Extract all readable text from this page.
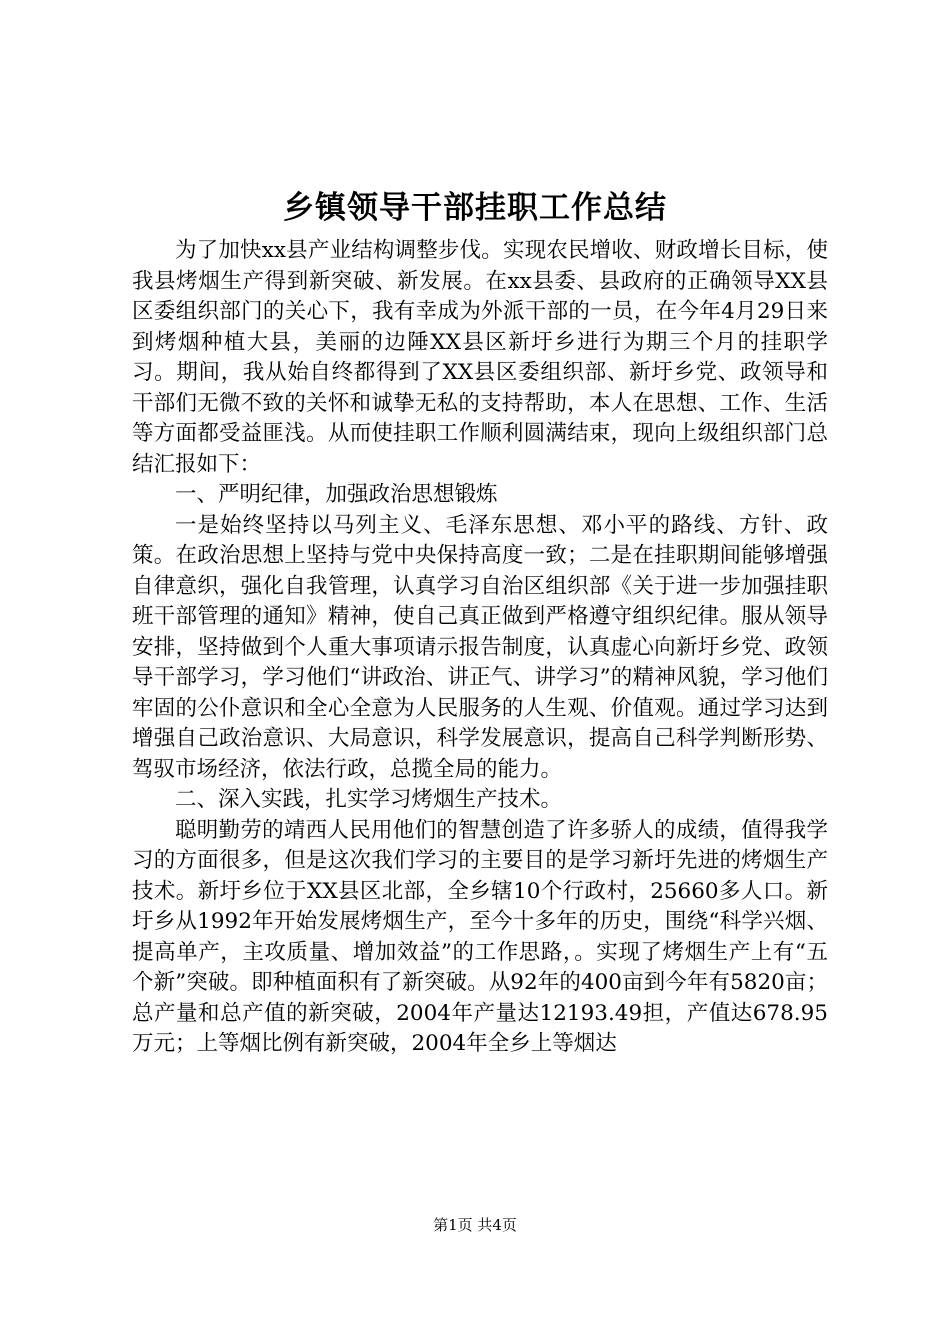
乡镇领导干部挂职工作总结

为了加快xx县产业结构调整步伐。实现农民增收、财政增长目标，使我县烤烟生产得到新突破、新发展。在xx县委、县政府的正确领导XX县区委组织部门的关心下，我有幸成为外派干部的一员，在今年4月29日来到烤烟种植大县，美丽的边陲XX县区新圩乡进行为期三个月的挂职学习。期间，我从始自终都得到了XX县区委组织部、新圩乡党、政领导和干部们无微不致的关怀和诚挚无私的支持帮助，本人在思想、工作、生活等方面都受益匪浅。从而使挂职工作顺利圆满结束，现向上级组织部门总结汇报如下：

一、严明纪律，加强政治思想锻炼

一是始终坚持以马列主义、毛泽东思想、邓小平的路线、方针、政策。在政治思想上坚持与党中央保持高度一致；二是在挂职期间能够增强自律意织，强化自我管理，认真学习自治区组织部《关于进一步加强挂职班干部管理的通知》精神，使自己真正做到严格遵守组织纪律。服从领导安排，坚持做到个人重大事项请示报告制度，认真虚心向新圩乡党、政领导干部学习，学习他们“讲政治、讲正气、讲学习”的精神风貌，学习他们牢固的公仆意识和全心全意为人民服务的人生观、价值观。通过学习达到增强自己政治意识、大局意识，科学发展意识，提高自己科学判断形势、驾驭市场经济，依法行政，总揽全局的能力。

二、深入实践，扎实学习烤烟生产技术。

聪明勤劳的靖西人民用他们的智慧创造了许多骄人的成绩，值得我学习的方面很多，但是这次我们学习的主要目的是学习新圩先进的烤烟生产技术。新圩乡位于XX县区北部，全乡辖10个行政村，25660多人口。新圩乡从1992年开始发展烤烟生产，至今十多年的历史，围绕“科学兴烟、提高单产，主攻质量、增加效益”的工作思路，。实现了烤烟生产上有“五个新”突破。即种植面积有了新突破。从92年的400亩到今年有5820亩；总产量和总产值的新突破，2004年产量达12193.49担，产值达678.95万元；上等烟比例有新突破，2004年全乡上等烟达

第1页 共4页
